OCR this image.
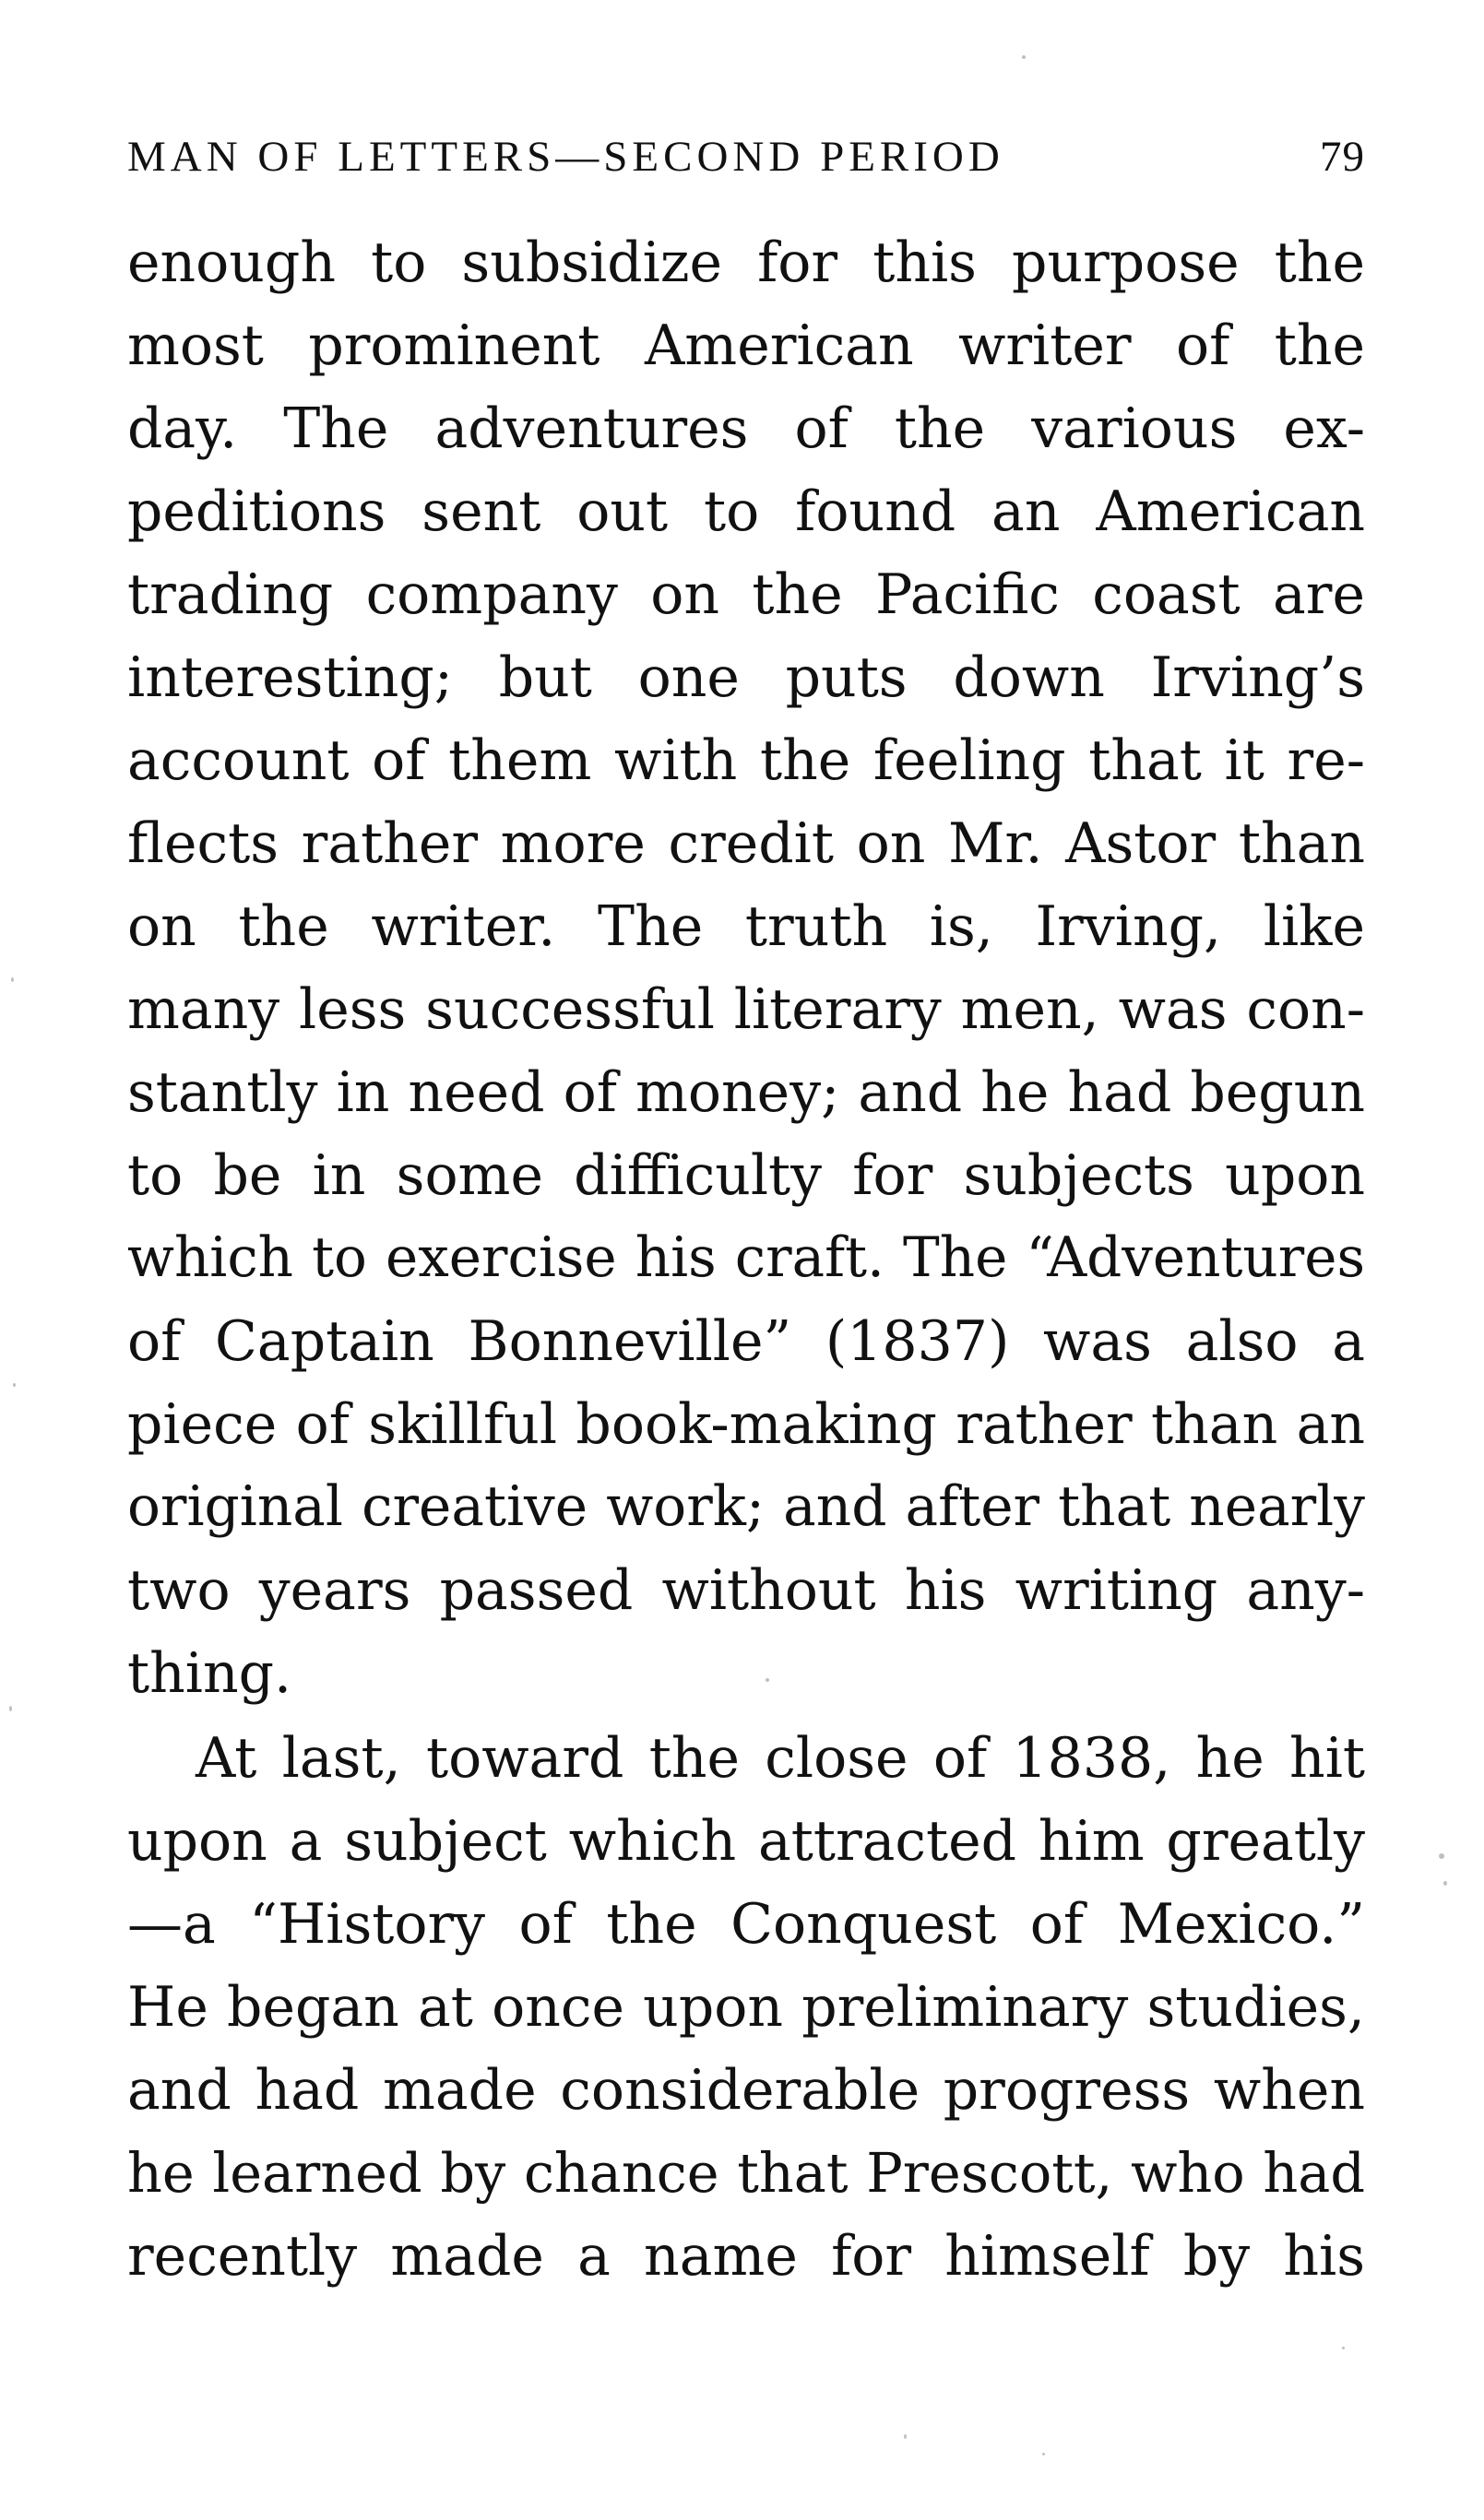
MAN OF LETTERS—SECOND PERIOD	79
enough to subsidize for this purpose the
most prominent American writer of the
day. The adventures of the various ex-
peditions sent out to found an American
trading company on the Pacific coast are
interesting; but one puts down Irving’s
account of them with the feeling that it re-
flects rather more credit on Mr. Astor than
on the writer. The truth is, Irving, like
many less successful literary men, was con-
stantly in need of money; and he had begun
to be in some difficulty for subjects upon
which to exercise his craft. The “Adventures
of Captain Bonneville” (1837) was also a
piece of skillful book-making rather than an
original creative work; and after that nearly
two years passed without his writing any-
thing.
At last, toward the close of 1838, he hit
upon a subject which attracted him greatly
—a “History of the Conquest of Mexico.”
He began at once upon preliminary studies,
and had made considerable progress when
he learned by chance that Prescott, who had
recently made a name for himself by his
